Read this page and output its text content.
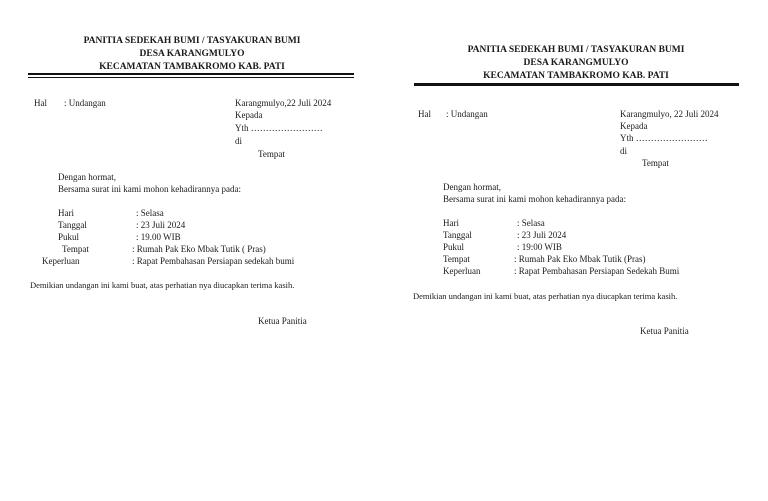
PANITIA SEDEKAH BUMI / TASYAKURAN BUMI
DESA KARANGMULYO
KECAMATAN TAMBAKROMO KAB. PATI
Hal : Undangan	Karangmulyo,22 Juli 2024
Kepada
Yth ……………………
di
Tempat
Dengan hormat,
Bersama surat ini kami mohon kehadirannya pada:
Hari	: Selasa
Tanggal	: 23 Juli 2024
Pukul	: 19.00 WIB
Tempat	: Rumah Pak Eko Mbak Tutik ( Pras)
Keperluan	: Rapat Pembahasan Persiapan sedekah bumi
Demikian undangan ini kami buat, atas perhatian nya diucapkan terima kasih.
Ketua Panitia
PANITIA SEDEKAH BUMI / TASYAKURAN BUMI
DESA KARANGMULYO
KECAMATAN TAMBAKROMO KAB. PATI
Hal : Undangan	Karangmulyo, 22 Juli 2024
Kepada
Yth ……………………
di
Tempat
Dengan hormat,
Bersama surat ini kami mohon kehadirannya pada:
Hari	: Selasa
Tanggal	: 23 Juli 2024
Pukul	: 19:00 WIB
Tempat	: Rumah Pak Eko Mbak Tutik (Pras)
Keperluan	: Rapat Pembahasan Persiapan Sedekah Bumi
Demikian undangan ini kami buat, atas perhatian nya diucapkan terima kasih.
Ketua Panitia
